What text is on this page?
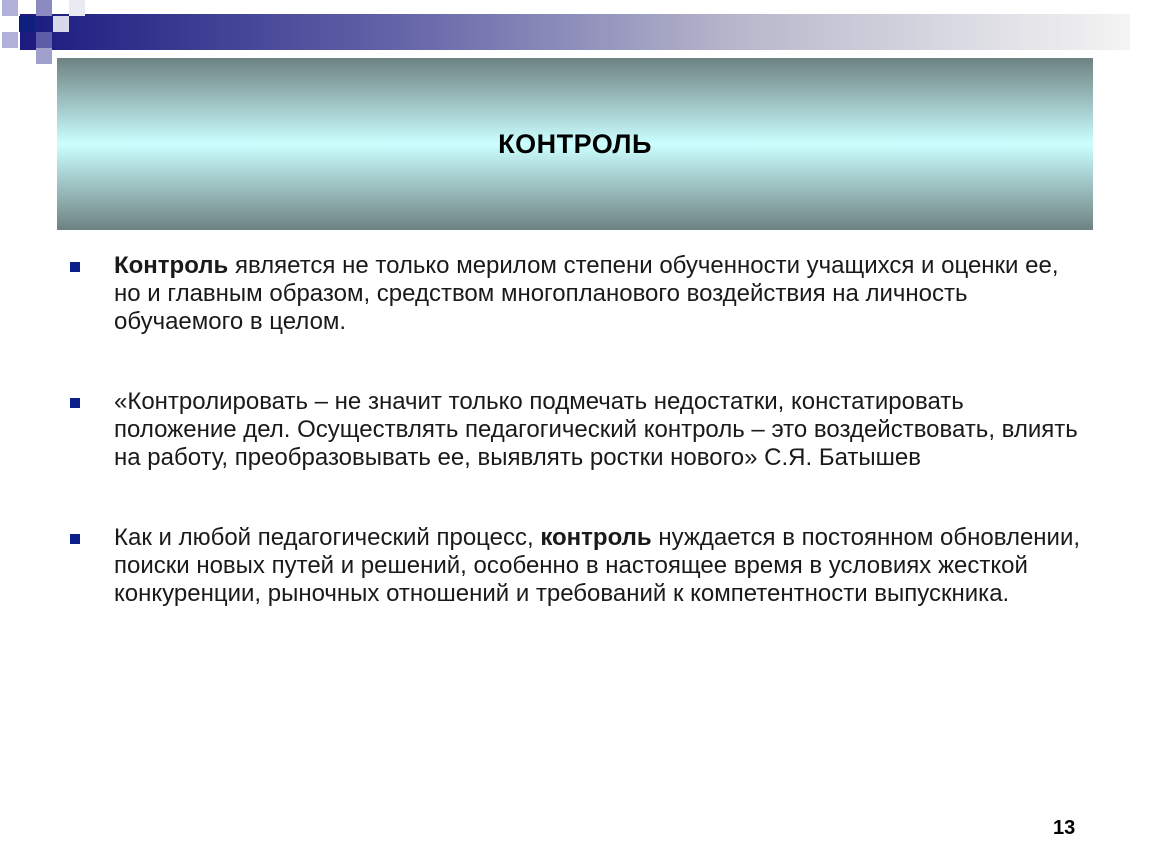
КОНТРОЛЬ
Контроль является не только мерилом степени обученности учащихся и оценки ее, но и главным образом, средством многопланового воздействия на личность обучаемого в целом.
«Контролировать – не значит только подмечать недостатки, констатировать положение дел. Осуществлять педагогический контроль – это воздействовать, влиять на работу, преобразовывать ее, выявлять ростки нового» С.Я. Батышев
Как и любой педагогический процесс, контроль нуждается в постоянном обновлении, поиски новых путей и решений, особенно в настоящее время в условиях жесткой конкуренции, рыночных отношений и требований к компетентности выпускника.
13
